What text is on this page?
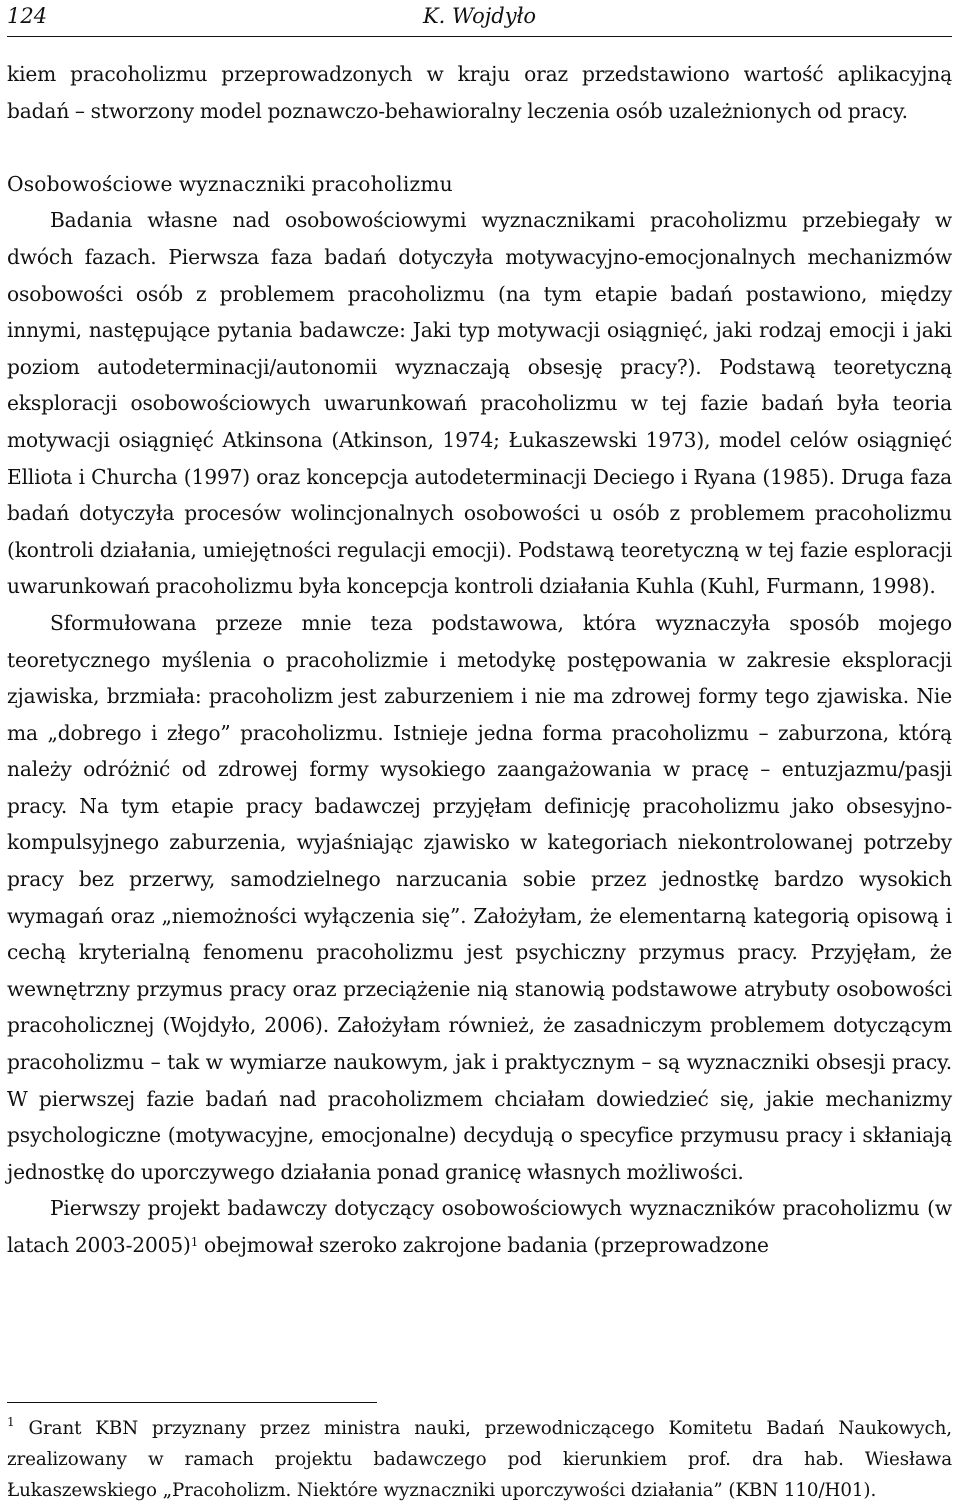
124	K. Wojdyło

kiem pracoholizmu przeprowadzonych w kraju oraz przedstawiono wartość aplikacyjną badań – stworzony model poznawczo-behawioralny leczenia osób uzależnionych od pracy.

Osobowościowe wyznaczniki pracoholizmu

Badania własne nad osobowościowymi wyznacznikami pracoholizmu przebiegały w dwóch fazach. Pierwsza faza badań dotyczyła motywacyjno-emocjonalnych mechanizmów osobowości osób z problemem pracoholizmu (na tym etapie badań postawiono, między innymi, następujące pytania badawcze: Jaki typ motywacji osiągnięć, jaki rodzaj emocji i jaki poziom autodeterminacji/autonomii wyznaczają obsesję pracy?). Podstawą teoretyczną eksploracji osobowościowych uwarunkowań pracoholizmu w tej fazie badań była teoria motywacji osiągnięć Atkinsona (Atkinson, 1974; Łukaszewski 1973), model celów osiągnięć Elliota i Churcha (1997) oraz koncepcja autodeterminacji Deciego i Ryana (1985). Druga faza badań dotyczyła procesów wolincjonalnych osobowości u osób z problemem pracoholizmu (kontroli działania, umiejętności regulacji emocji). Podstawą teoretyczną w tej fazie esploracji uwarunkowań pracoholizmu była koncepcja kontroli działania Kuhla (Kuhl, Furmann, 1998).

Sformułowana przeze mnie teza podstawowa, która wyznaczyła sposób mojego teoretycznego myślenia o pracoholizmie i metodykę postępowania w zakresie eksploracji zjawiska, brzmiała: pracoholizm jest zaburzeniem i nie ma zdrowej formy tego zjawiska. Nie ma „dobrego i złego” pracoholizmu. Istnieje jedna forma pracoholizmu – zaburzona, którą należy odróżnić od zdrowej formy wysokiego zaangażowania w pracę – entuzjazmu/pasji pracy. Na tym etapie pracy badawczej przyjęłam definicję pracoholizmu jako obsesyjno-kompulsyjnego zaburzenia, wyjaśniając zjawisko w kategoriach niekontrolowanej potrzeby pracy bez przerwy, samodzielnego narzucania sobie przez jednostkę bardzo wysokich wymagań oraz „niemożności wyłączenia się”. Założyłam, że elementarną kategorią opisową i cechą kryterialną fenomenu pracoholizmu jest psychiczny przymus pracy. Przyjęłam, że wewnętrzny przymus pracy oraz przeciążenie nią stanowią podstawowe atrybuty osobowości pracoholicznej (Wojdyło, 2006). Założyłam również, że zasadniczym problemem dotyczącym pracoholizmu – tak w wymiarze naukowym, jak i praktycznym – są wyznaczniki obsesji pracy. W pierwszej fazie badań nad pracoholizmem chciałam dowiedzieć się, jakie mechanizmy psychologiczne (motywacyjne, emocjonalne) decydują o specyfice przymusu pracy i skłaniają jednostkę do uporczywego działania ponad granicę własnych możliwości.

Pierwszy projekt badawczy dotyczący osobowościowych wyznaczników pracoholizmu (w latach 2003-2005)$^1$ obejmował szeroko zakrojone badania (przeprowadzone

$^1$ Grant KBN przyznany przez ministra nauki, przewodniczącego Komitetu Badań Naukowych, zrealizowany w ramach projektu badawczego pod kierunkiem prof. dra hab. Wiesława Łukaszewskiego „Pracoholizm. Niektóre wyznaczniki uporczywości działania” (KBN 110/H01).
